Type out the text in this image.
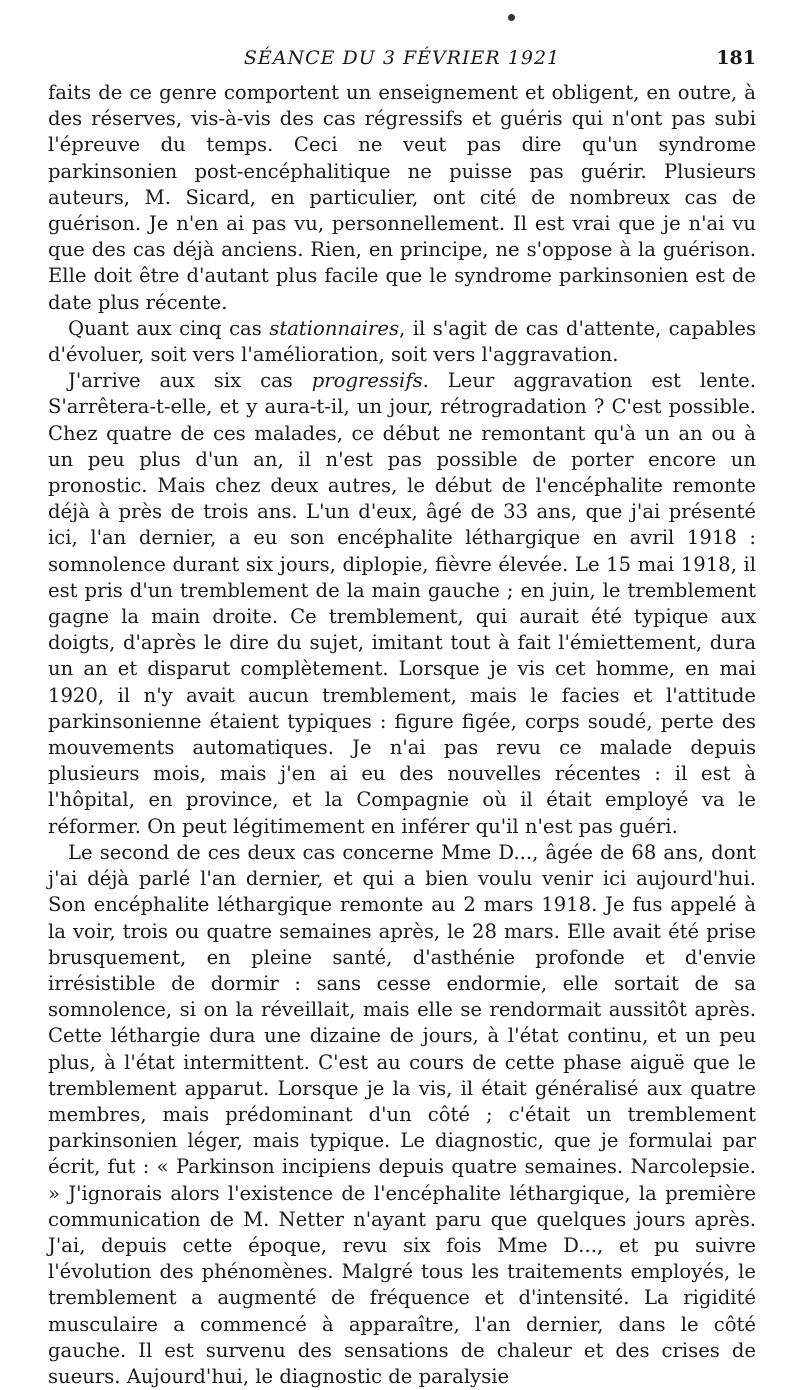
SÉANCE DU 3 FÉVRIER 1921	181

faits de ce genre comportent un enseignement et obligent, en outre, à des réserves, vis-à-vis des cas régressifs et guéris qui n'ont pas subi l'épreuve du temps. Ceci ne veut pas dire qu'un syndrome parkinsonien post-encéphalitique ne puisse pas guérir. Plusieurs auteurs, M. Sicard, en particulier, ont cité de nombreux cas de guérison. Je n'en ai pas vu, personnellement. Il est vrai que je n'ai vu que des cas déjà anciens. Rien, en principe, ne s'oppose à la guérison. Elle doit être d'autant plus facile que le syndrome parkinsonien est de date plus récente.

Quant aux cinq cas stationnaires, il s'agit de cas d'attente, capables d'évoluer, soit vers l'amélioration, soit vers l'aggravation.

J'arrive aux six cas progressifs. Leur aggravation est lente. S'arrêtera-t-elle, et y aura-t-il, un jour, rétrogradation ? C'est possible. Chez quatre de ces malades, ce début ne remontant qu'à un an ou à un peu plus d'un an, il n'est pas possible de porter encore un pronostic. Mais chez deux autres, le début de l'encéphalite remonte déjà à près de trois ans. L'un d'eux, âgé de 33 ans, que j'ai présenté ici, l'an dernier, a eu son encéphalite léthargique en avril 1918 : somnolence durant six jours, diplopie, fièvre élevée. Le 15 mai 1918, il est pris d'un tremblement de la main gauche ; en juin, le tremblement gagne la main droite. Ce tremblement, qui aurait été typique aux doigts, d'après le dire du sujet, imitant tout à fait l'émiettement, dura un an et disparut complètement. Lorsque je vis cet homme, en mai 1920, il n'y avait aucun tremblement, mais le facies et l'attitude parkinsonienne étaient typiques : figure figée, corps soudé, perte des mouvements automatiques. Je n'ai pas revu ce malade depuis plusieurs mois, mais j'en ai eu des nouvelles récentes : il est à l'hôpital, en province, et la Compagnie où il était employé va le réformer. On peut légitimement en inférer qu'il n'est pas guéri.

Le second de ces deux cas concerne Mme D..., âgée de 68 ans, dont j'ai déjà parlé l'an dernier, et qui a bien voulu venir ici aujourd'hui. Son encéphalite léthargique remonte au 2 mars 1918. Je fus appelé à la voir, trois ou quatre semaines après, le 28 mars. Elle avait été prise brusquement, en pleine santé, d'asthénie profonde et d'envie irrésistible de dormir : sans cesse endormie, elle sortait de sa somnolence, si on la réveillait, mais elle se rendormait aussitôt après. Cette léthargie dura une dizaine de jours, à l'état continu, et un peu plus, à l'état intermittent. C'est au cours de cette phase aiguë que le tremblement apparut. Lorsque je la vis, il était généralisé aux quatre membres, mais prédominant d'un côté ; c'était un tremblement parkinsonien léger, mais typique. Le diagnostic, que je formulai par écrit, fut : « Parkinson incipiens depuis quatre semaines. Narcolepsie. » J'ignorais alors l'existence de l'encéphalite léthargique, la première communication de M. Netter n'ayant paru que quelques jours après. J'ai, depuis cette époque, revu six fois Mme D..., et pu suivre l'évolution des phénomènes. Malgré tous les traitements employés, le tremblement a augmenté de fréquence et d'intensité. La rigidité musculaire a commencé à apparaître, l'an dernier, dans le côté gauche. Il est survenu des sensations de chaleur et des crises de sueurs. Aujourd'hui, le diagnostic de paralysie
